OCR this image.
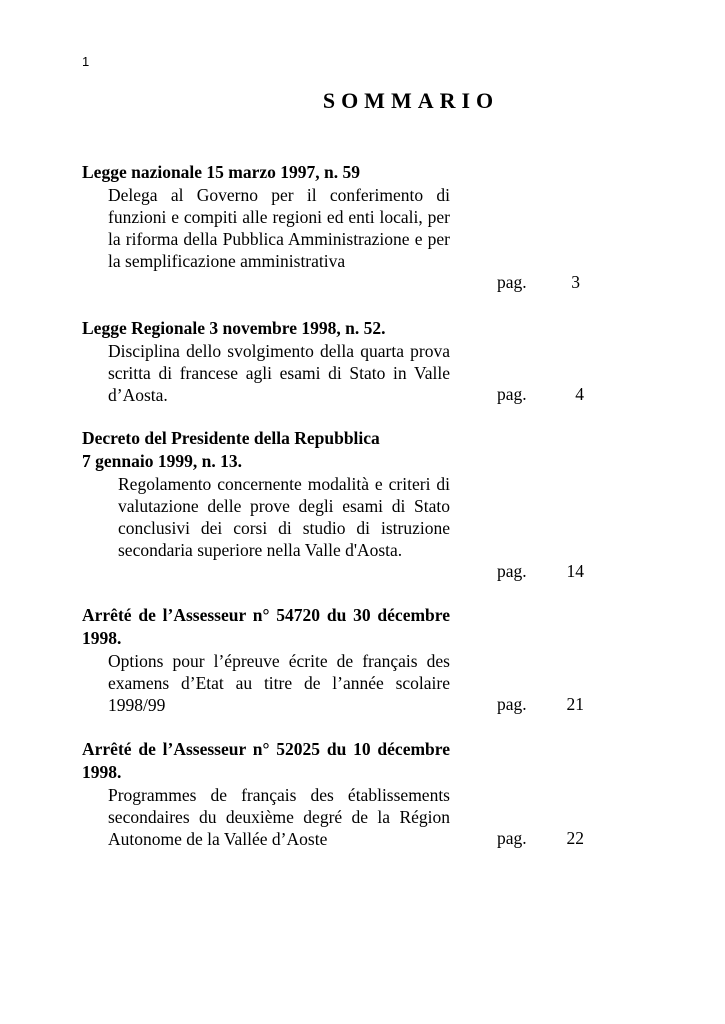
1
SOMMARIO
Legge nazionale 15 marzo 1997, n. 59
Delega al Governo per il conferimento di funzioni e compiti alle regioni ed enti locali, per la riforma della Pubblica Amministrazione e per la semplificazione amministrativa
pag.	3
Legge Regionale 3 novembre 1998, n. 52.
Disciplina dello svolgimento della quarta prova scritta di francese agli esami di Stato in Valle d’Aosta.	pag.	4
Decreto del Presidente della Repubblica
7 gennaio 1999, n. 13.
Regolamento concernente modalità e criteri di valutazione delle prove degli esami di Stato conclusivi dei corsi di studio di istruzione secondaria superiore nella Valle d'Aosta.
pag. 14
Arrêté de l’Assesseur n° 54720 du 30 décembre 1998.
Options pour l’épreuve écrite de français des examens d’Etat au titre de l’année scolaire 1998/99	pag. 21
Arrêté de l’Assesseur n° 52025 du 10 décembre 1998.
Programmes de français des établissements secondaires du deuxième degré de la Région Autonome de la Vallée d’Aoste	pag. 22
